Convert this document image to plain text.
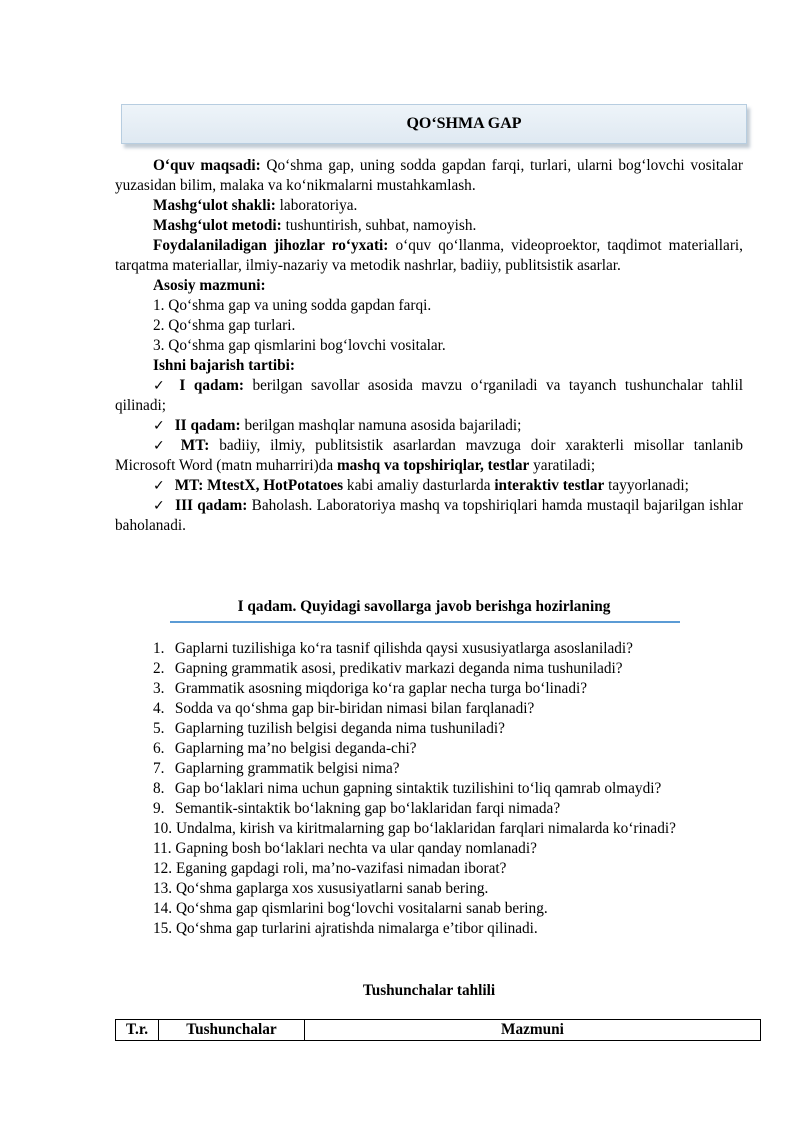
QO‘SHMA GAP

O‘quv maqsadi: Qo‘shma gap, uning sodda gapdan farqi, turlari, ularni bog‘lovchi vositalar yuzasidan bilim, malaka va ko‘nikmalarni mustahkamlash.

Mashg‘ulot shakli: laboratoriya.

Mashg‘ulot metodi: tushuntirish, suhbat, namoyish.

Foydalaniladigan jihozlar ro‘yxati: o‘quv qo‘llanma, videoproektor, taqdimot materiallari, tarqatma materiallar, ilmiy-nazariy va metodik nashrlar, badiiy, publitsistik asarlar.

Asosiy mazmuni:

1. Qo‘shma gap va uning sodda gapdan farqi.

2. Qo‘shma gap turlari.

3. Qo‘shma gap qismlarini bog‘lovchi vositalar.

Ishni bajarish tartibi:

✓ I qadam: berilgan savollar asosida mavzu o‘rganiladi va tayanch tushunchalar tahlil qilinadi;

✓ II qadam: berilgan mashqlar namuna asosida bajariladi;

✓ MT: badiiy, ilmiy, publitsistik asarlardan mavzuga doir xarakterli misollar tanlanib Microsoft Word (matn muharriri)da mashq va topshiriqlar, testlar yaratiladi;

✓ MT: MtestX, HotPotatoes kabi amaliy dasturlarda interaktiv testlar tayyorlanadi;

✓ III qadam: Baholash. Laboratoriya mashq va topshiriqlari hamda mustaqil bajarilgan ishlar baholanadi.

I qadam. Quyidagi savollarga javob berishga hozirlaning

1. Gaplarni tuzilishiga ko‘ra tasnif qilishda qaysi xususiyatlarga asoslaniladi?

2. Gapning grammatik asosi, predikativ markazi deganda nima tushuniladi?

3. Grammatik asosning miqdoriga ko‘ra gaplar necha turga bo‘linadi?

4. Sodda va qo‘shma gap bir-biridan nimasi bilan farqlanadi?

5. Gaplarning tuzilish belgisi deganda nima tushuniladi?

6. Gaplarning ma’no belgisi deganda-chi?

7. Gaplarning grammatik belgisi nima?

8. Gap bo‘laklari nima uchun gapning sintaktik tuzilishini to‘liq qamrab olmaydi?

9. Semantik-sintaktik bo‘lakning gap bo‘laklaridan farqi nimada?

10. Undalma, kirish va kiritmalarning gap bo‘laklaridan farqlari nimalarda ko‘rinadi?

11. Gapning bosh bo‘laklari nechta va ular qanday nomlanadi?

12. Eganing gapdagi roli, ma’no-vazifasi nimadan iborat?

13. Qo‘shma gaplarga xos xususiyatlarni sanab bering.

14. Qo‘shma gap qismlarini bog‘lovchi vositalarni sanab bering.

15. Qo‘shma gap turlarini ajratishda nimalarga e’tibor qilinadi.

Tushunchalar tahlili
T.r.	Tushunchalar	Mazmuni
